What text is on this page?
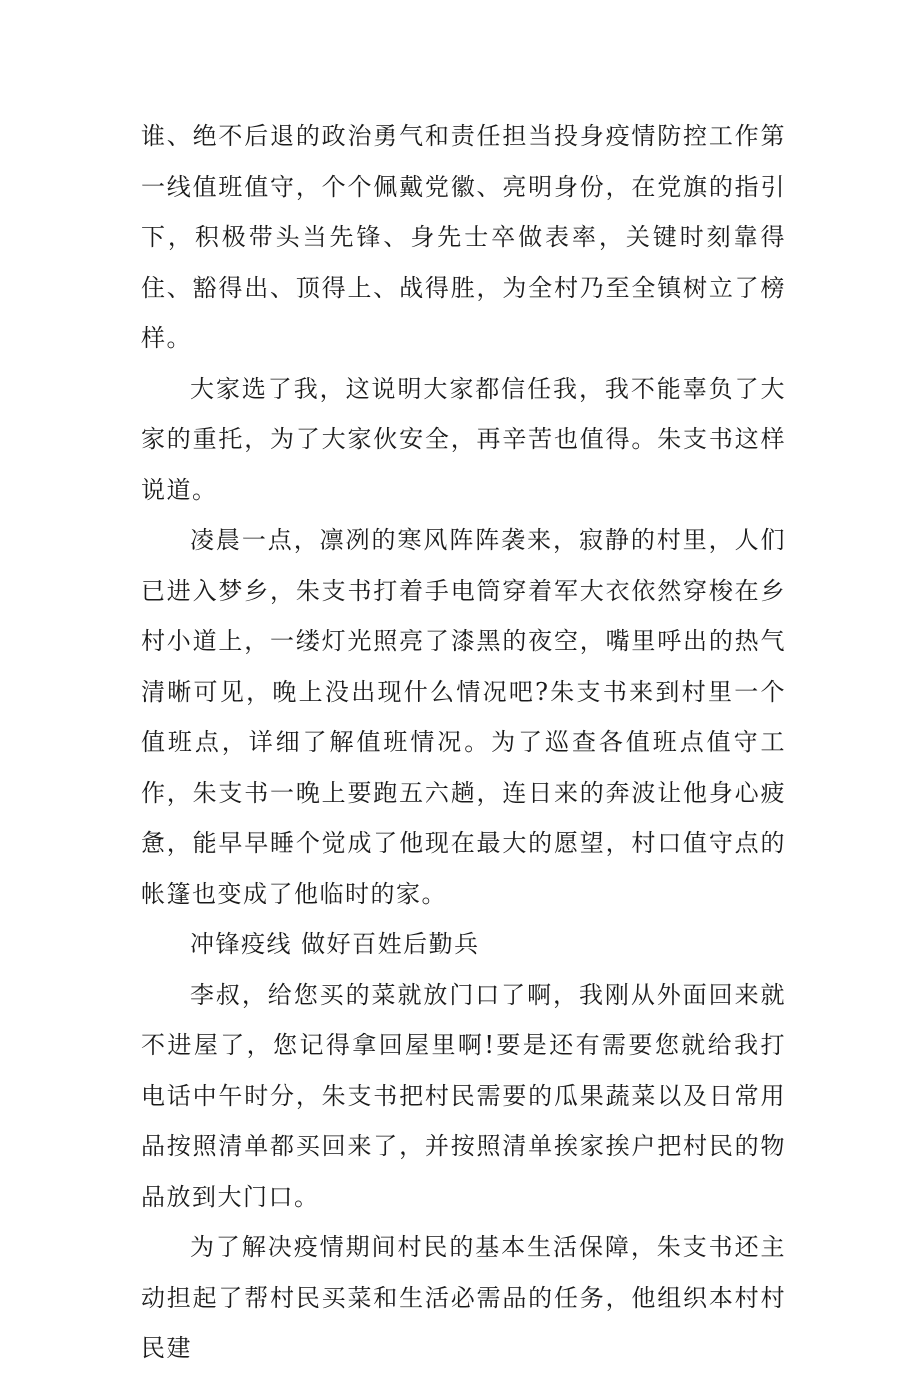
谁、绝不后退的政治勇气和责任担当投身疫情防控工作第一线值班值守，个个佩戴党徽、亮明身份，在党旗的指引下，积极带头当先锋、身先士卒做表率，关键时刻靠得住、豁得出、顶得上、战得胜，为全村乃至全镇树立了榜样。

大家选了我，这说明大家都信任我，我不能辜负了大家的重托，为了大家伙安全，再辛苦也值得。朱支书这样说道。

凌晨一点，凛冽的寒风阵阵袭来，寂静的村里，人们已进入梦乡，朱支书打着手电筒穿着军大衣依然穿梭在乡村小道上，一缕灯光照亮了漆黑的夜空，嘴里呼出的热气清晰可见，晚上没出现什么情况吧?朱支书来到村里一个值班点，详细了解值班情况。为了巡查各值班点值守工作，朱支书一晚上要跑五六趟，连日来的奔波让他身心疲惫，能早早睡个觉成了他现在最大的愿望，村口值守点的帐篷也变成了他临时的家。

冲锋疫线 做好百姓后勤兵

李叔，给您买的菜就放门口了啊，我刚从外面回来就不进屋了，您记得拿回屋里啊!要是还有需要您就给我打电话中午时分，朱支书把村民需要的瓜果蔬菜以及日常用品按照清单都买回来了，并按照清单挨家挨户把村民的物品放到大门口。

为了解决疫情期间村民的基本生活保障，朱支书还主动担起了帮村民买菜和生活必需品的任务，他组织本村村民建
